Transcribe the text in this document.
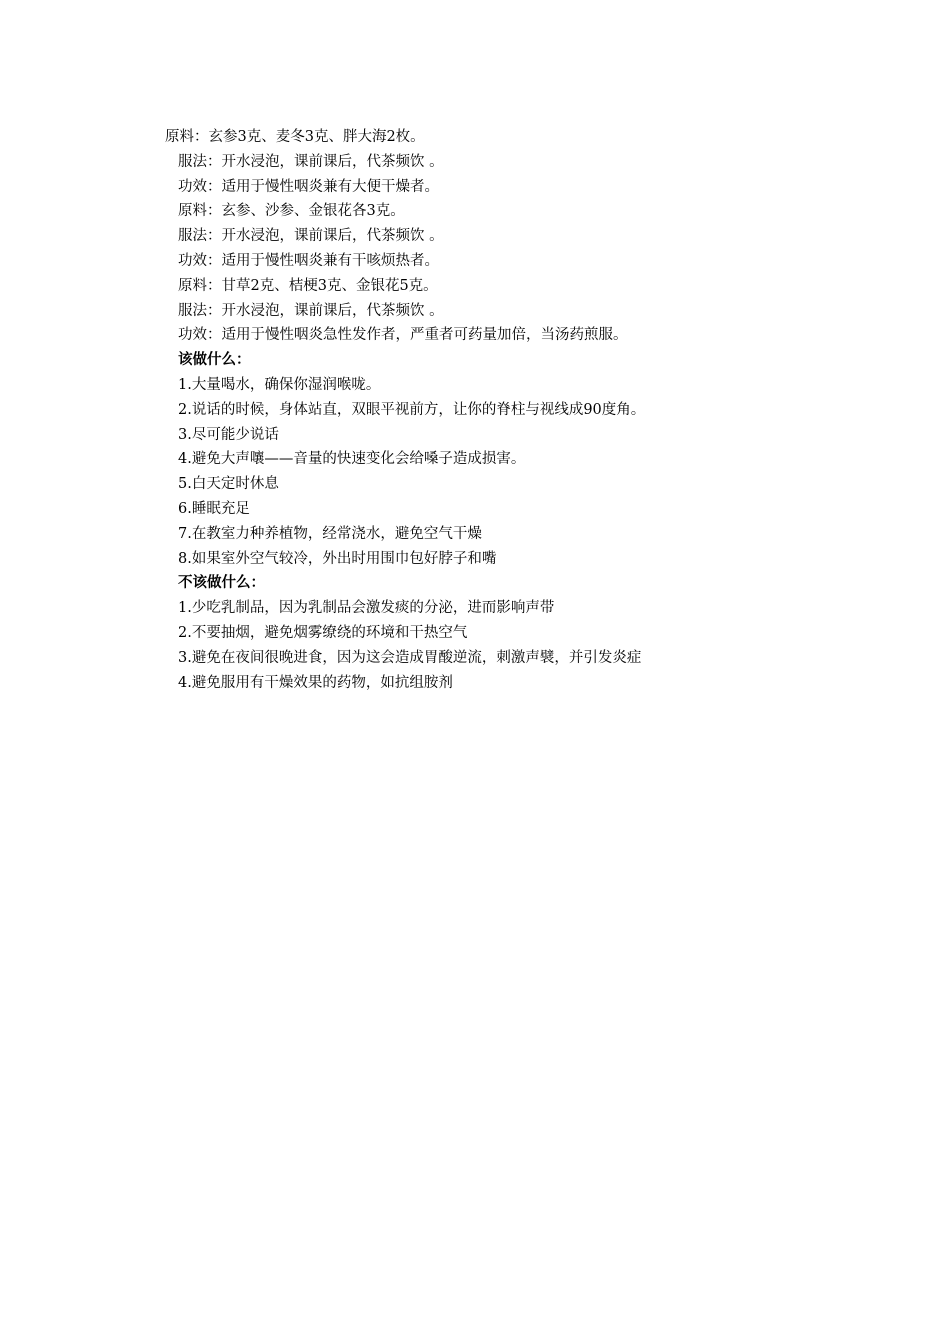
原料：玄参3克、麦冬3克、胖大海2枚。
服法：开水浸泡，课前课后，代茶频饮 。
功效：适用于慢性咽炎兼有大便干燥者。
原料：玄参、沙参、金银花各3克。
服法：开水浸泡，课前课后，代茶频饮 。
功效：适用于慢性咽炎兼有干咳烦热者。
原料：甘草2克、桔梗3克、金银花5克。
服法：开水浸泡，课前课后，代茶频饮 。
功效：适用于慢性咽炎急性发作者，严重者可药量加倍，当汤药煎服。
该做什么：
1.大量喝水，确保你湿润喉咙。
2.说话的时候，身体站直，双眼平视前方，让你的脊柱与视线成90度角。
3.尽可能少说话
4.避免大声嚷——音量的快速变化会给嗓子造成损害。
5.白天定时休息
6.睡眠充足
7.在教室力种养植物，经常浇水，避免空气干燥
8.如果室外空气较冷，外出时用围巾包好脖子和嘴
不该做什么：
1.少吃乳制品，因为乳制品会激发痰的分泌，进而影响声带
2.不要抽烟，避免烟雾缭绕的环境和干热空气
3.避免在夜间很晚进食，因为这会造成胃酸逆流，刺激声襞，并引发炎症
4.避免服用有干燥效果的药物，如抗组胺剂
